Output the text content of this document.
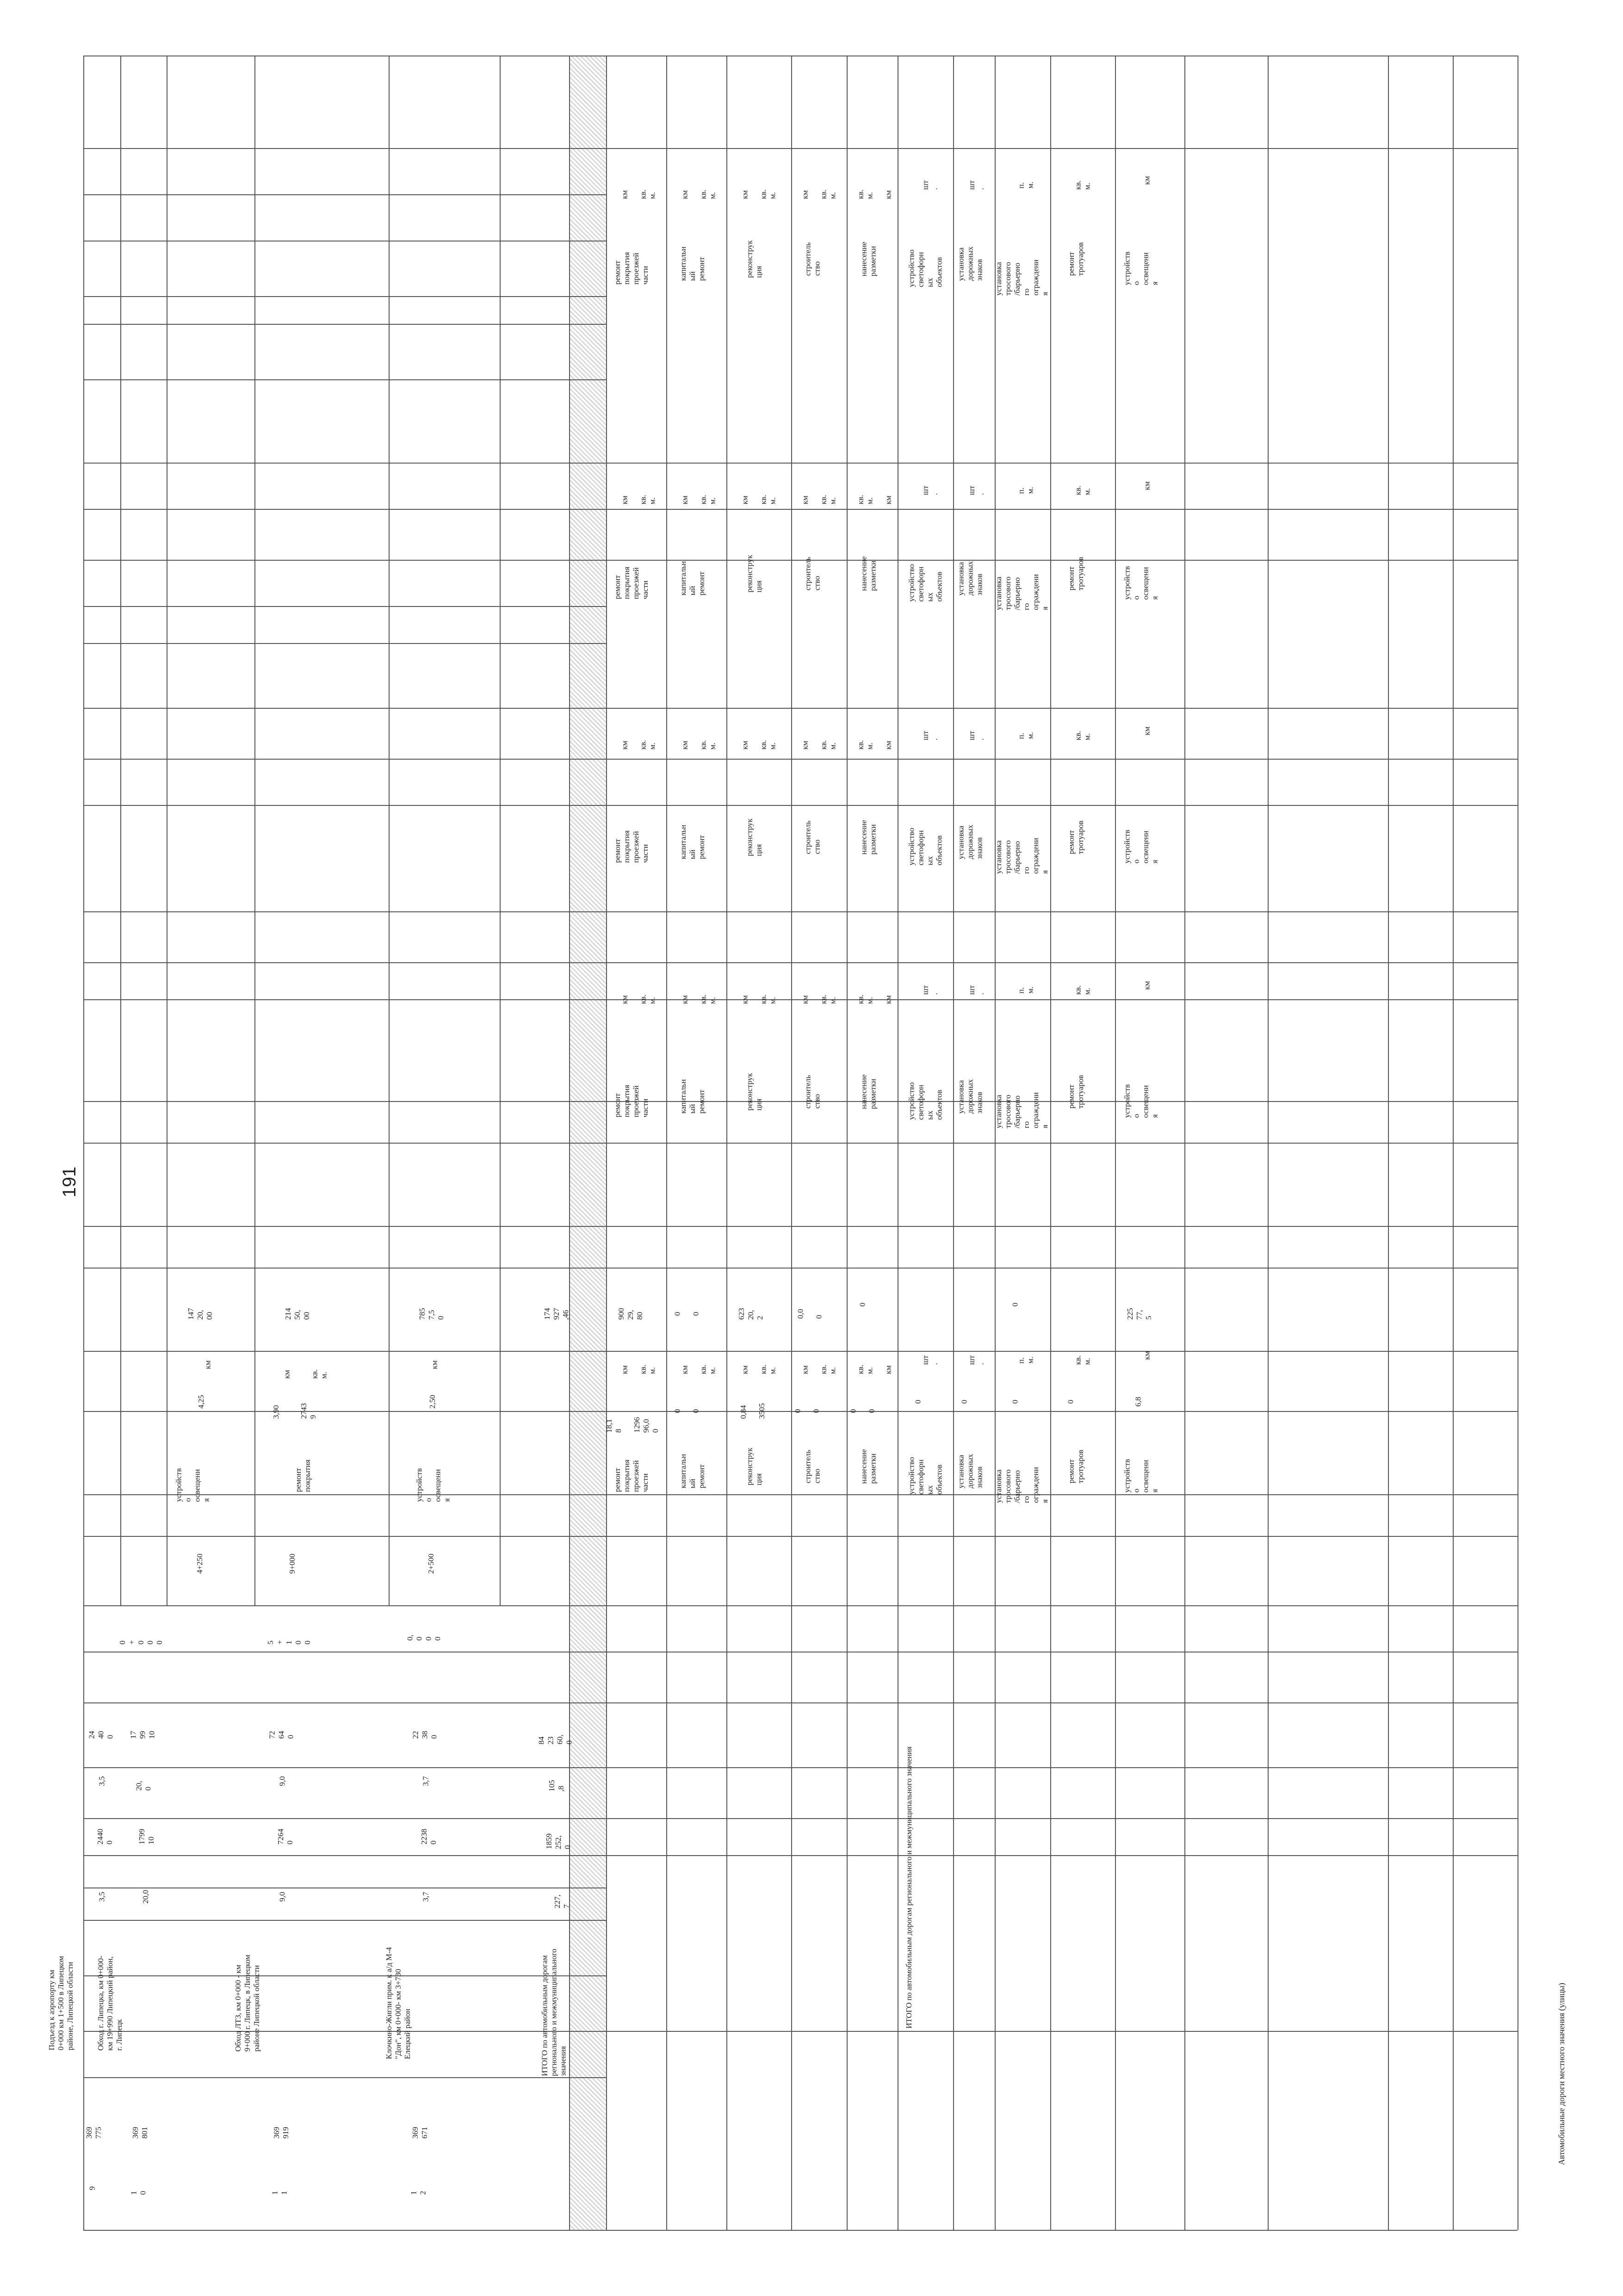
191
9
369
775
Подъезд к аэропорту км
0+000 км 1+500 в Липецком
районе, Липецкой области
3,5
2440
0
3,5
24
40
0
1
0
369
801
Обход г. Липецка, км 0+000-
км 19+990 Липецкий район,
г. Липецк
20,0
1799
10
20,
0
17
99
10
0
+
0
0
0
4+250
устройств
о
освещени
я
4,25
км
147
20,
00
1
1
369
919
Обход ЛТЗ, км 0+000 - км
9+000 г. Липецк, в Липецком
районе Липецкой области
9,0
7264
0
9,0
72
64
0
5
+
1
0
0
9+000
ремонт
покрытия
3,90

2743
9
км

кв.
м.
214
50,
00
1
2
369
671
Клочкино-Жигли прим. к а/д М-4
"Дон", км 0+000- км 3+730
Елецкий район
3,7
2238
0
3,7
22
38
0
0,
0
0
0
2+500
устройств
о
освещени
я
2,50
км
785
7,5
0
ИТОГО по автомобильным дорогам
регионального и межмуниципального
значения
227,
7
1859
252,
0
105
,8
84
23
60,
0
174
927
,46
ИТОГО по автомобильным дорогам регионального и межмуниципального значения
ремонт
покрытия
проезжей
части
км

кв.
м.
18,1
8

1296
96,0
0
900
29,
80
ремонт
покрытия
проезжей
части
км

кв.
м.
ремонт
покрытия
проезжей
части
км

кв.
м.
ремонт
покрытия
проезжей
части
км

кв.
м.
ремонт
покрытия
проезжей
части
км

кв.
м.
капитальн
ый
ремонт
км

кв.
м.
0

0
0

0
капитальн
ый
ремонт
км

кв.
м.
капитальн
ый
ремонт
км

кв.
м.
капитальн
ый
ремонт
км

кв.
м.
капитальн
ый
ремонт
км

кв.
м.
реконструк
ция
км

кв.
м.
0,84

3505
623
20,
2
реконструк
ция
км

кв.
м.
реконструк
ция
км

кв.
м.
реконструк
ция
км

кв.
м.
реконструк
ция
км

кв.
м.
строитель
ство
км

кв.
м.
0

0
0,0

0
строитель
ство
км

кв.
м.
строитель
ство
км

кв.
м.
строитель
ство
км

кв.
м.
строитель
ство
км

кв.
м.
нанесение
разметки
кв.
м.

км
0

0
0
нанесение
разметки
кв.
м.

км
нанесение
разметки
кв.
м.

км
нанесение
разметки
кв.
м.

км
нанесение
разметки
кв.
м.

км
устройство
светофорн
ых
объектов
шт
.
0
устройство
светофорн
ых
объектов
шт
.
устройство
светофорн
ых
объектов
шт
.
устройство
светофорн
ых
объектов
шт
.
устройство
светофорн
ых
объектов
шт
.
установка
дорожных
знаков
шт
.
0
установка
дорожных
знаков
шт
.
установка
дорожных
знаков
шт
.
установка
дорожных
знаков
шт
.
установка
дорожных
знаков
шт
.
установка
тросового
/барьерно
го
ограждени
я
п.
м.
0
0
установка
тросового
/барьерно
го
ограждени
я
п.
м.
установка
тросового
/барьерно
го
ограждени
я
п.
м.
установка
тросового
/барьерно
го
ограждени
я
п.
м.
установка
тросового
/барьерно
го
ограждени
я
п.
м.
ремонт
тротуаров
кв.
м.
0
ремонт
тротуаров
кв.
м.
ремонт
тротуаров
кв.
м.
ремонт
тротуаров
кв.
м.
ремонт
тротуаров
кв.
м.
устройств
о
освещени
я
км
6,8
225
77,
5
устройств
о
освещени
я
км
устройств
о
освещени
я
км
устройств
о
освещени
я
км
устройств
о
освещени
я
км
Автомобильные дороги местного значения (улицы)
